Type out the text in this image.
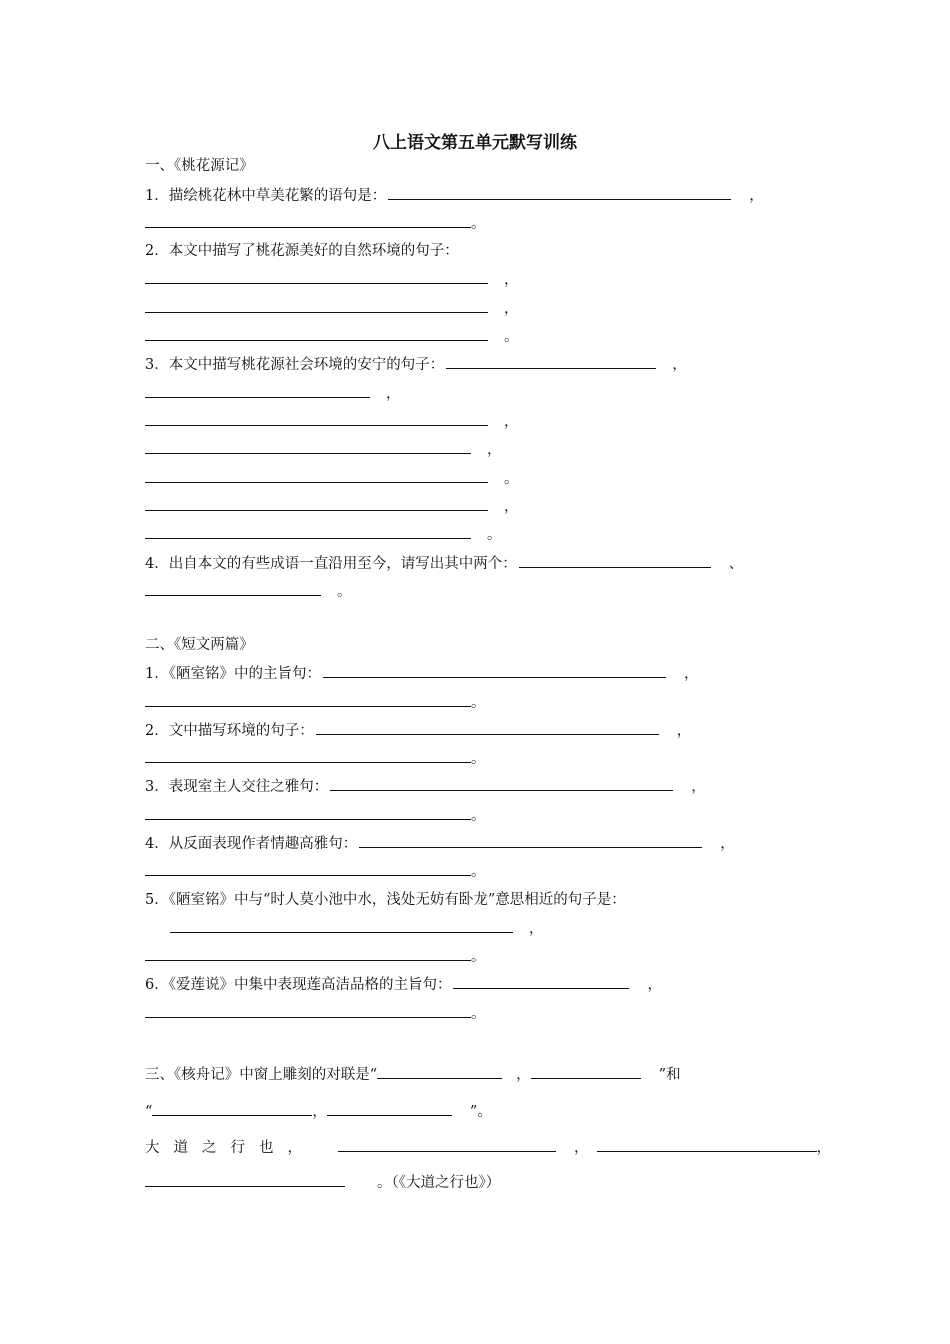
八上语文第五单元默写训练
一、《桃花源记》
1．描绘桃花林中草美花繁的语句是：	，
。
2．本文中描写了桃花源美好的自然环境的句子：
，
，
。
3．本文中描写桃花源社会环境的安宁的句子：	，
，
，
，
。
，
。
4．出自本文的有些成语一直沿用至今，请写出其中两个：	、
。
二、《短文两篇》
1．《陋室铭》中的主旨句：	，
。
2．文中描写环境的句子：	，
。
3．表现室主人交往之雅句：	，
。
4．从反面表现作者情趣高雅句：	，
。
5．《陋室铭》中与“时人莫小池中水，浅处无妨有卧龙”意思相近的句子是：
，
。
6．《爱莲说》中集中表现莲高洁品格的主旨句：	，
。
三、《核舟记》中窗上雕刻的对联是“	，	”和
“	，	”。
大道之行也，	，	，
。（《大道之行也》）
